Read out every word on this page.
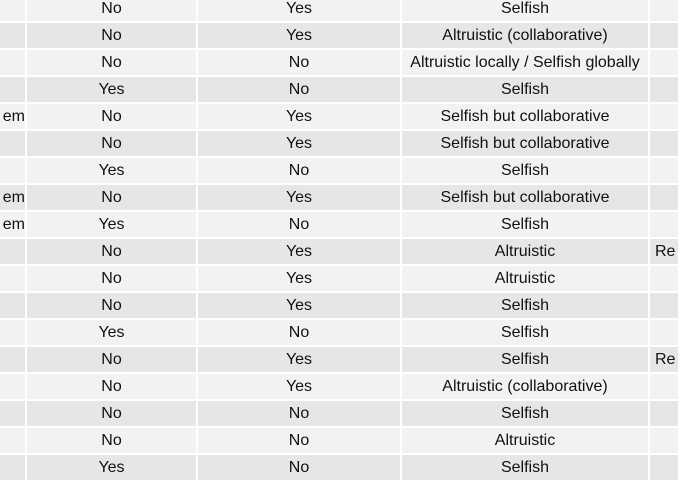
	No	Yes	Selfish	
	No	Yes	Altruistic (collaborative)	
	No	No	Altruistic locally / Selfish globally	
	Yes	No	Selfish	
em	No	Yes	Selfish but collaborative	
	No	Yes	Selfish but collaborative	
	Yes	No	Selfish	
em	No	Yes	Selfish but collaborative	
em	Yes	No	Selfish	
	No	Yes	Altruistic	Re
	No	Yes	Altruistic	
	No	Yes	Selfish	
	Yes	No	Selfish	
	No	Yes	Selfish	Re
	No	Yes	Altruistic (collaborative)	
	No	No	Selfish	
	No	No	Altruistic	
	Yes	No	Selfish	
